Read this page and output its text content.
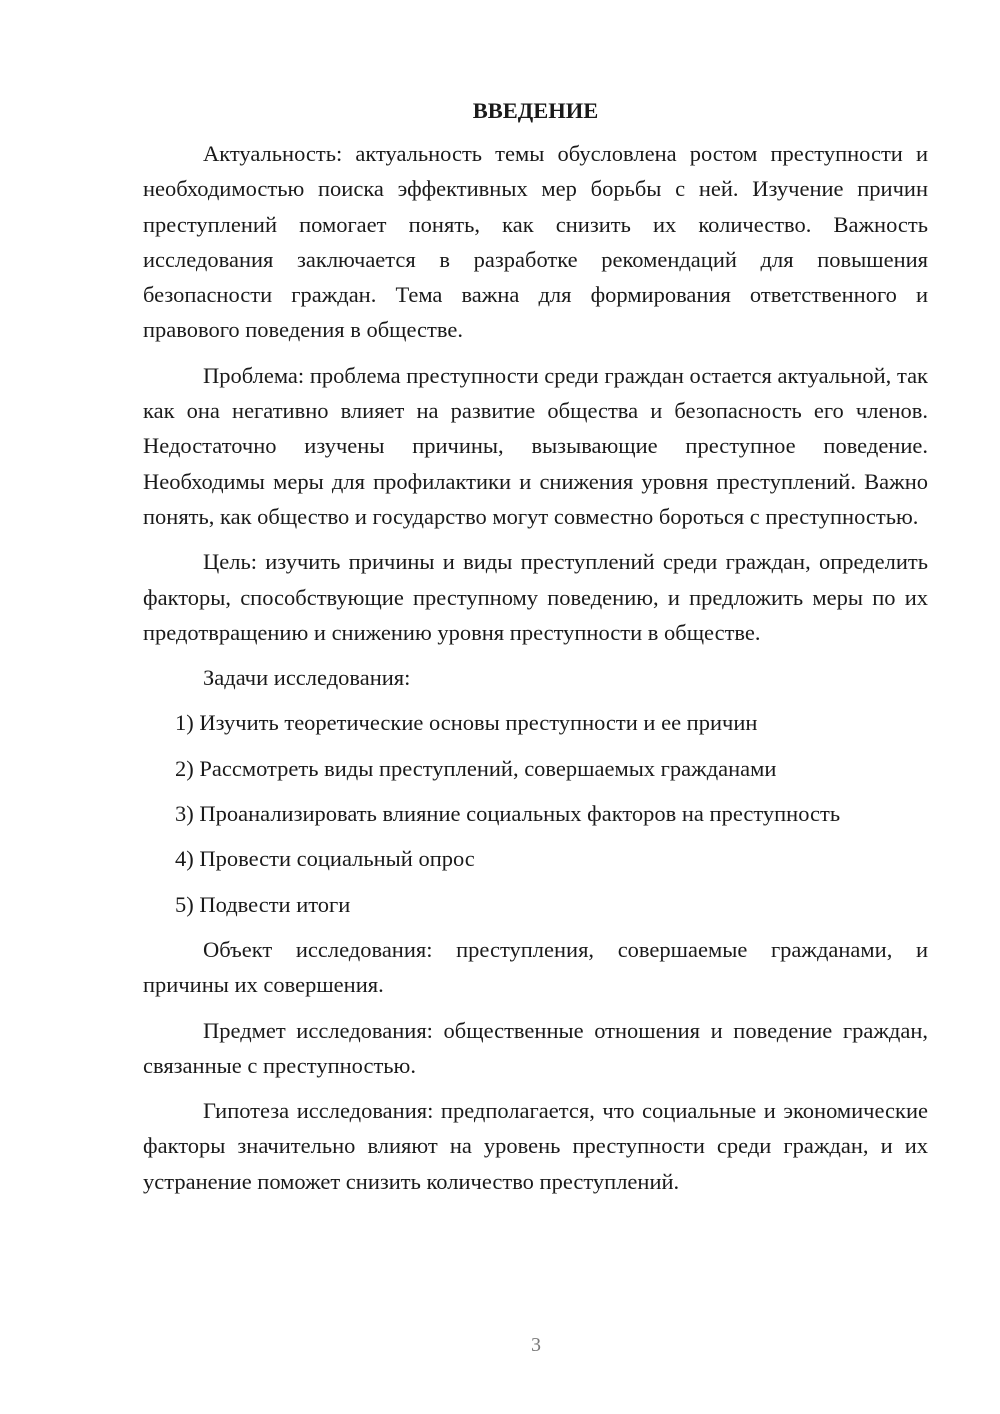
ВВЕДЕНИЕ

Актуальность: актуальность темы обусловлена ростом преступности и необходимостью поиска эффективных мер борьбы с ней. Изучение причин преступлений помогает понять, как снизить их количество. Важность исследования заключается в разработке рекомендаций для повышения безопасности граждан. Тема важна для формирования ответственного и правового поведения в обществе.

Проблема: проблема преступности среди граждан остается актуальной, так как она негативно влияет на развитие общества и безопасность его членов. Недостаточно изучены причины, вызывающие преступное поведение. Необходимы меры для профилактики и снижения уровня преступлений. Важно понять, как общество и государство могут совместно бороться с преступностью.

Цель: изучить причины и виды преступлений среди граждан, определить факторы, способствующие преступному поведению, и предложить меры по их предотвращению и снижению уровня преступности в обществе.

Задачи исследования:

1) Изучить теоретические основы преступности и ее причин
2) Рассмотреть виды преступлений, совершаемых гражданами
3) Проанализировать влияние социальных факторов на преступность
4) Провести социальный опрос
5) Подвести итоги

Объект исследования: преступления, совершаемые гражданами, и причины их совершения.

Предмет исследования: общественные отношения и поведение граждан, связанные с преступностью.

Гипотеза исследования: предполагается, что социальные и экономические факторы значительно влияют на уровень преступности среди граждан, и их устранение поможет снизить количество преступлений.

3
